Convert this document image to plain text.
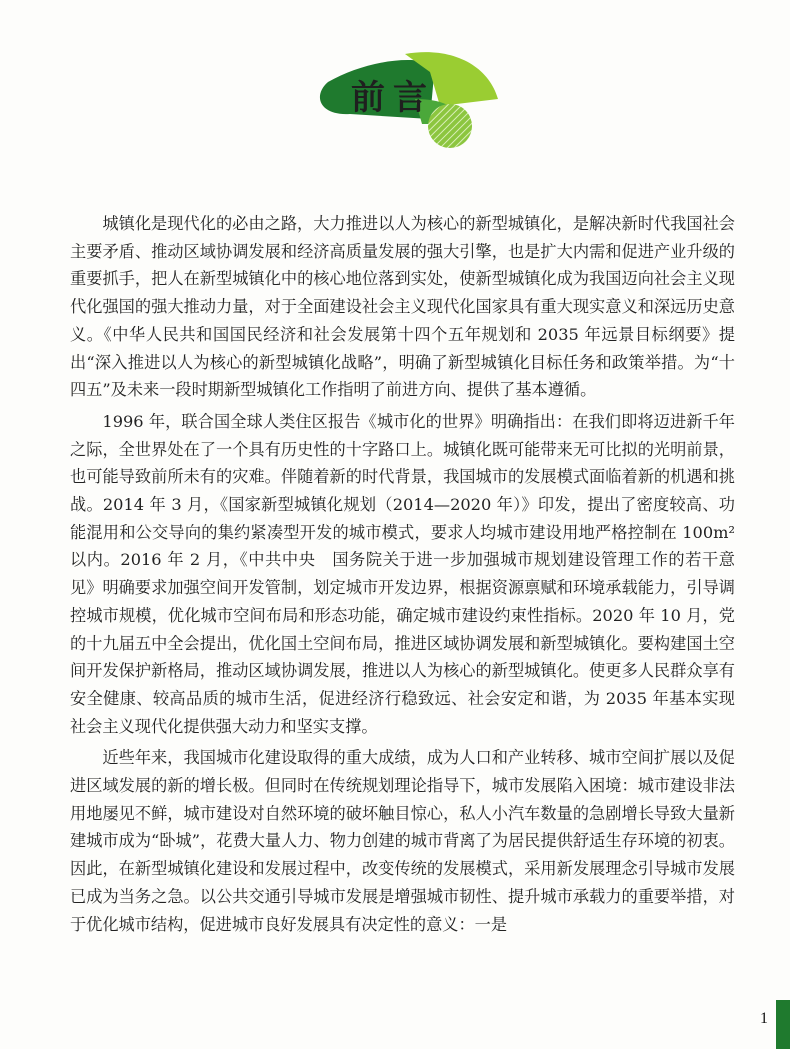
前言

城镇化是现代化的必由之路，大力推进以人为核心的新型城镇化，是解决新时代我国社会主要矛盾、推动区域协调发展和经济高质量发展的强大引擎，也是扩大内需和促进产业升级的重要抓手，把人在新型城镇化中的核心地位落到实处，使新型城镇化成为我国迈向社会主义现代化强国的强大推动力量，对于全面建设社会主义现代化国家具有重大现实意义和深远历史意义。《中华人民共和国国民经济和社会发展第十四个五年规划和 2035 年远景目标纲要》提出“深入推进以人为核心的新型城镇化战略”，明确了新型城镇化目标任务和政策举措。为“十四五”及未来一段时期新型城镇化工作指明了前进方向、提供了基本遵循。

1996 年，联合国全球人类住区报告《城市化的世界》明确指出：在我们即将迈进新千年之际，全世界处在了一个具有历史性的十字路口上。城镇化既可能带来无可比拟的光明前景，也可能导致前所未有的灾难。伴随着新的时代背景，我国城市的发展模式面临着新的机遇和挑战。2014 年 3 月，《国家新型城镇化规划（2014—2020 年）》印发，提出了密度较高、功能混用和公交导向的集约紧凑型开发的城市模式，要求人均城市建设用地严格控制在 100m² 以内。2016 年 2 月，《中共中央　国务院关于进一步加强城市规划建设管理工作的若干意见》明确要求加强空间开发管制，划定城市开发边界，根据资源禀赋和环境承载能力，引导调控城市规模，优化城市空间布局和形态功能，确定城市建设约束性指标。2020 年 10 月，党的十九届五中全会提出，优化国土空间布局，推进区域协调发展和新型城镇化。要构建国土空间开发保护新格局，推动区域协调发展，推进以人为核心的新型城镇化。使更多人民群众享有安全健康、较高品质的城市生活，促进经济行稳致远、社会安定和谐，为 2035 年基本实现社会主义现代化提供强大动力和坚实支撑。

近些年来，我国城市化建设取得的重大成绩，成为人口和产业转移、城市空间扩展以及促进区域发展的新的增长极。但同时在传统规划理论指导下，城市发展陷入困境：城市建设非法用地屡见不鲜，城市建设对自然环境的破坏触目惊心，私人小汽车数量的急剧增长导致大量新建城市成为“卧城”，花费大量人力、物力创建的城市背离了为居民提供舒适生存环境的初衷。因此，在新型城镇化建设和发展过程中，改变传统的发展模式，采用新发展理念引导城市发展已成为当务之急。以公共交通引导城市发展是增强城市韧性、提升城市承载力的重要举措，对于优化城市结构，促进城市良好发展具有决定性的意义：一是

1
